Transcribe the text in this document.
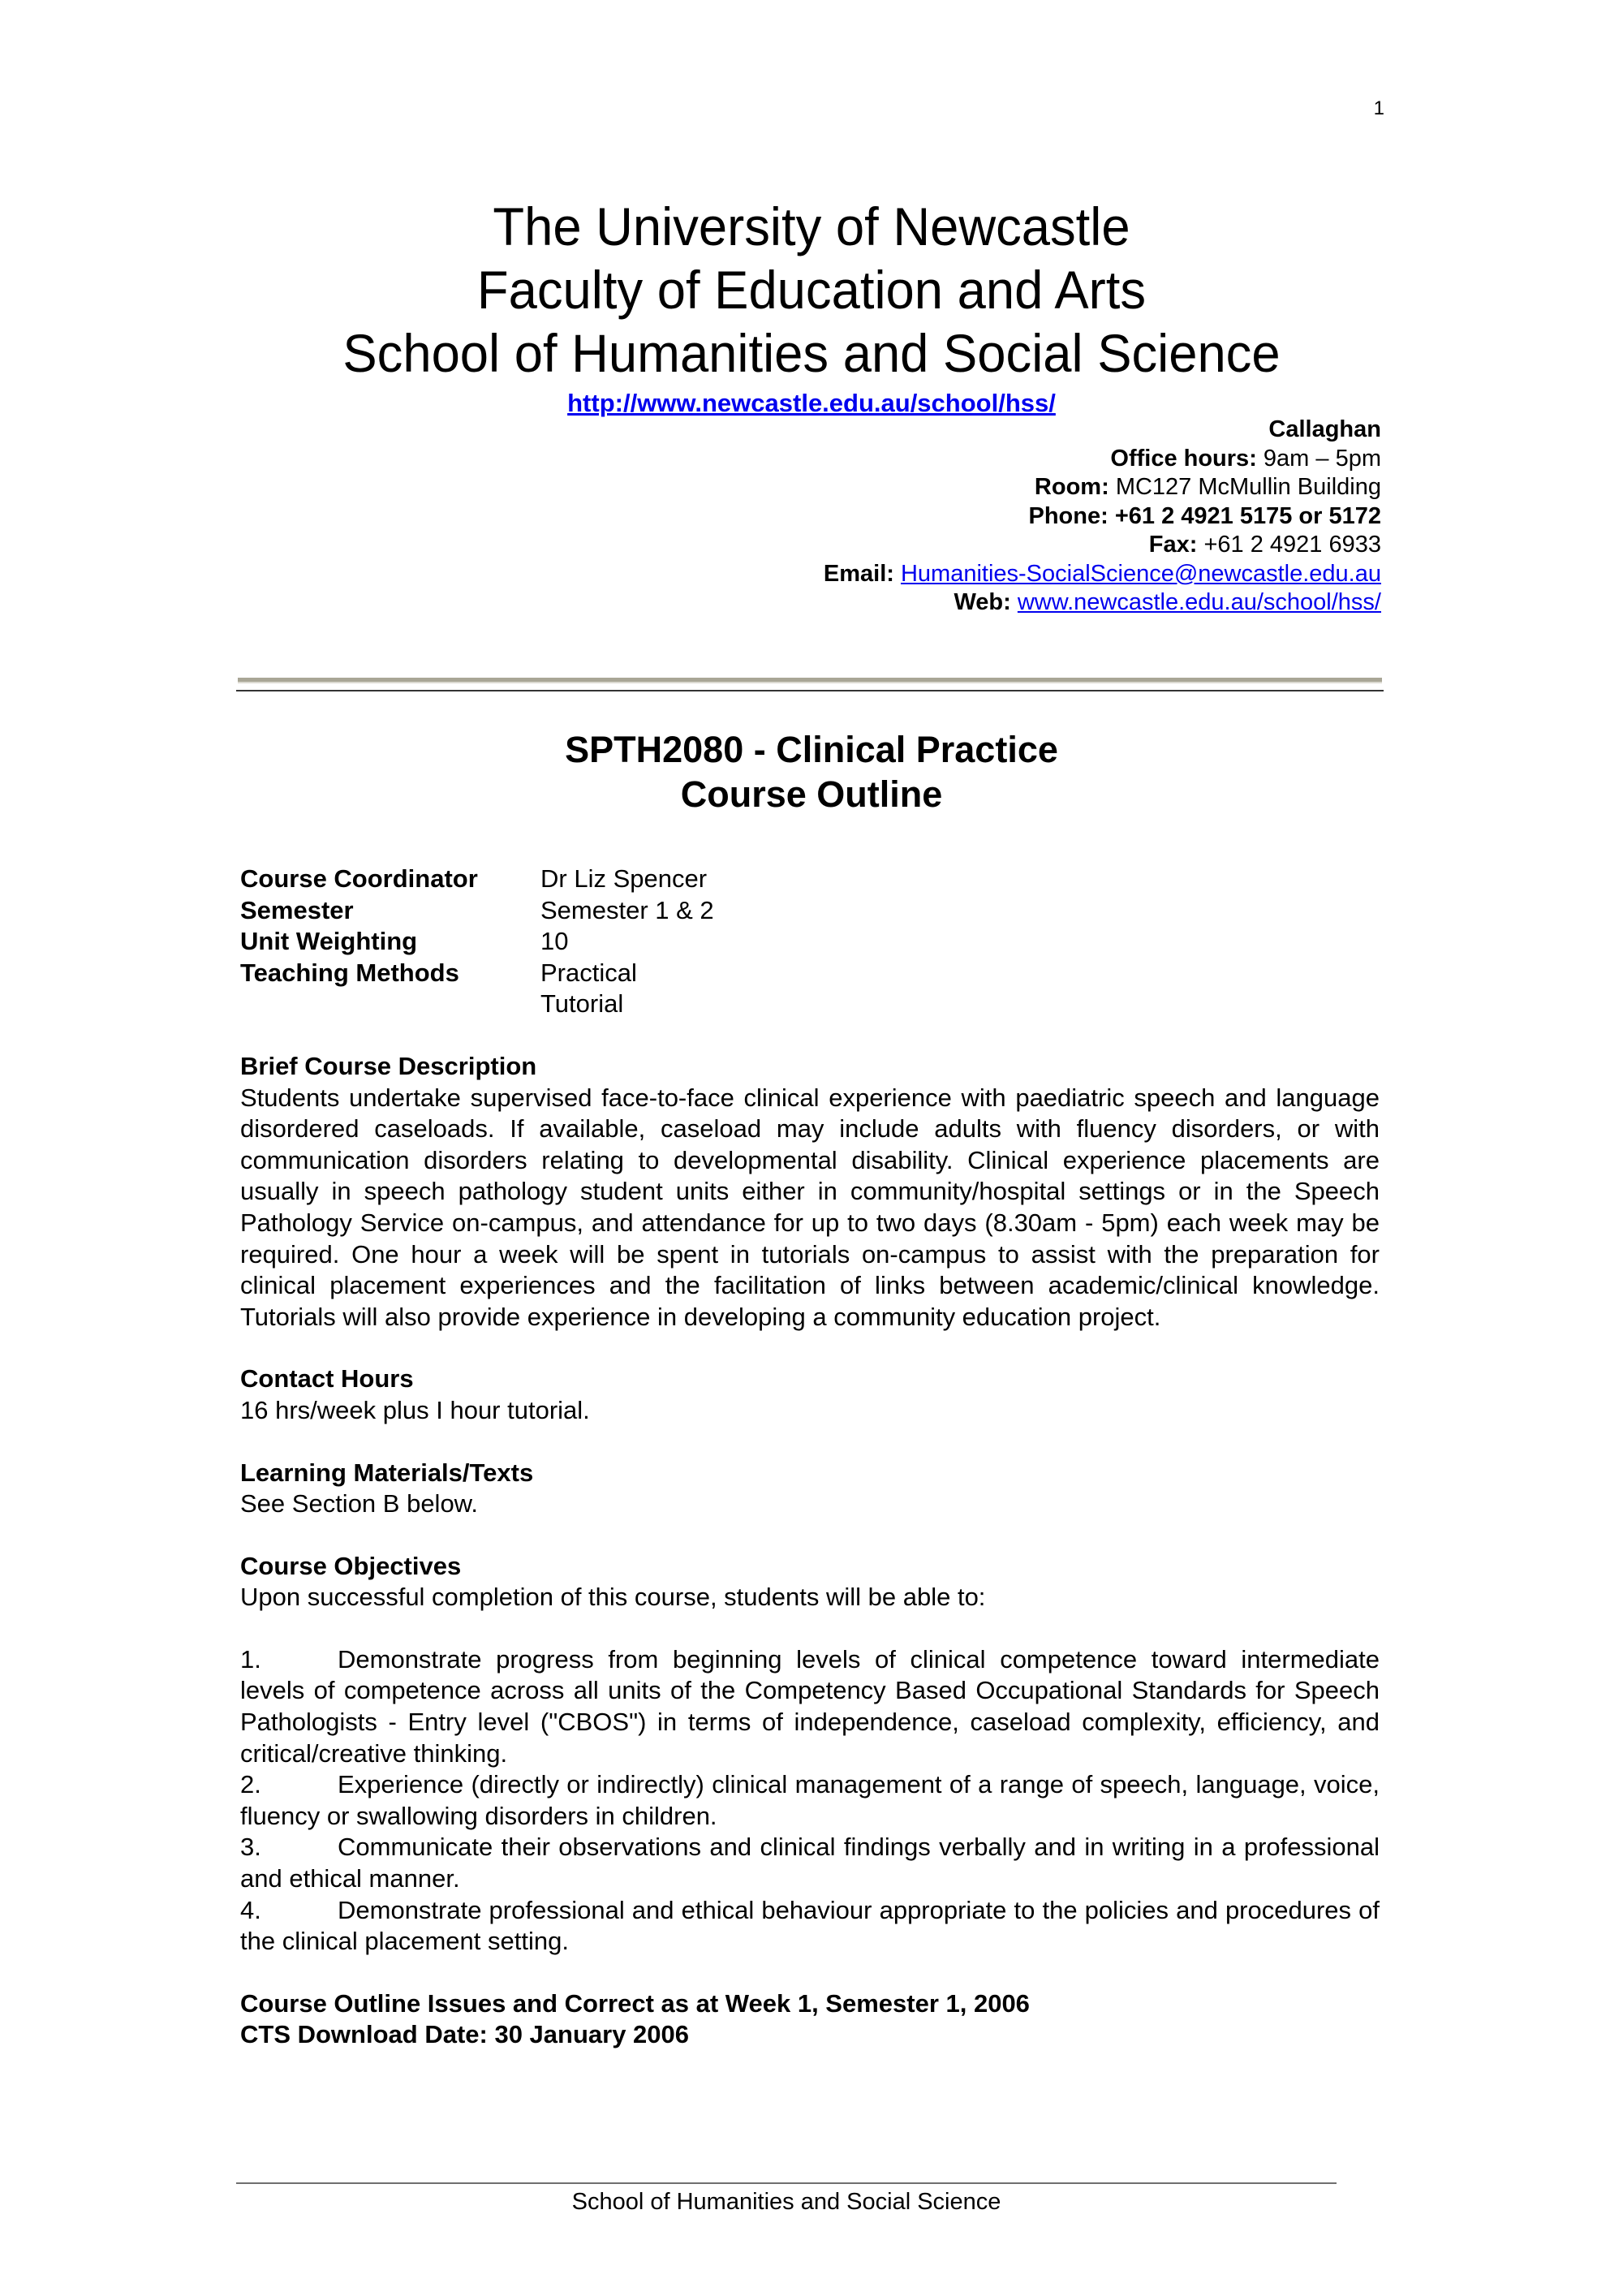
1
The University of Newcastle
Faculty of Education and Arts
School of Humanities and Social Science
http://www.newcastle.edu.au/school/hss/
Callaghan
Office hours: 9am – 5pm
Room: MC127 McMullin Building
Phone: +61 2 4921 5175 or 5172
Fax: +61 2 4921 6933
Email: Humanities-SocialScience@newcastle.edu.au
Web: www.newcastle.edu.au/school/hss/
SPTH2080 - Clinical Practice
Course Outline
Course Coordinator	Dr Liz Spencer
Semester	Semester 1 & 2
Unit Weighting	10
Teaching Methods	Practical
	Tutorial
Brief Course Description
Students undertake supervised face-to-face clinical experience with paediatric speech and language disordered caseloads. If available, caseload may include adults with fluency disorders, or with communication disorders relating to developmental disability. Clinical experience placements are usually in speech pathology student units either in community/hospital settings or in the Speech Pathology Service on-campus, and attendance for up to two days (8.30am - 5pm) each week may be required. One hour a week will be spent in tutorials on-campus to assist with the preparation for clinical placement experiences and the facilitation of links between academic/clinical knowledge. Tutorials will also provide experience in developing a community education project.
Contact Hours
16 hrs/week plus I hour tutorial.
Learning Materials/Texts
See Section B below.
Course Objectives
Upon successful completion of this course, students will be able to:
1.	Demonstrate progress from beginning levels of clinical competence toward intermediate levels of competence across all units of the Competency Based Occupational Standards for Speech Pathologists - Entry level ("CBOS") in terms of independence, caseload complexity, efficiency, and critical/creative thinking.
2.	Experience (directly or indirectly) clinical management of a range of speech, language, voice, fluency or swallowing disorders in children.
3.	Communicate their observations and clinical findings verbally and in writing in a professional and ethical manner.
4.	Demonstrate professional and ethical behaviour appropriate to the policies and procedures of the clinical placement setting.
Course Outline Issues and Correct as at Week 1, Semester 1, 2006
CTS Download Date: 30 January 2006
School of Humanities and Social Science
